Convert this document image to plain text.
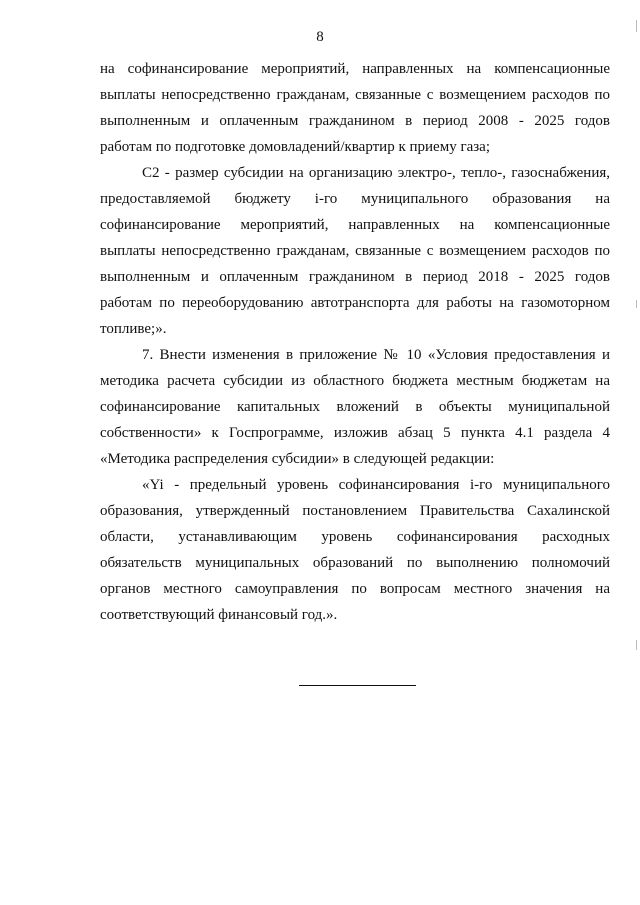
8

на софинансирование мероприятий, направленных на компенсационные
выплаты непосредственно гражданам, связанные с возмещением расходов по
выполненным и оплаченным гражданином в период 2008 - 2025 годов
работам по подготовке домовладений/квартир к приему газа;

С2 - размер субсидии на организацию электро-, тепло-, газоснабжения,
предоставляемой бюджету i-го муниципального образования на
софинансирование мероприятий, направленных на компенсационные
выплаты непосредственно гражданам, связанные с возмещением расходов по
выполненным и оплаченным гражданином в период 2018 - 2025 годов
работам по переоборудованию автотранспорта для работы на газомоторном
топливе;».

7. Внести изменения в приложение № 10 «Условия предоставления и
методика расчета субсидии из областного бюджета местным бюджетам на
софинансирование капитальных вложений в объекты муниципальной
собственности» к Госпрограмме, изложив абзац 5 пункта 4.1 раздела 4
«Методика распределения субсидии» в следующей редакции:

«Yi - предельный уровень софинансирования i-го муниципального
образования, утвержденный постановлением Правительства Сахалинской
области, устанавливающим уровень софинансирования расходных
обязательств муниципальных образований по выполнению полномочий
органов местного самоуправления по вопросам местного значения на
соответствующий финансовый год.».
